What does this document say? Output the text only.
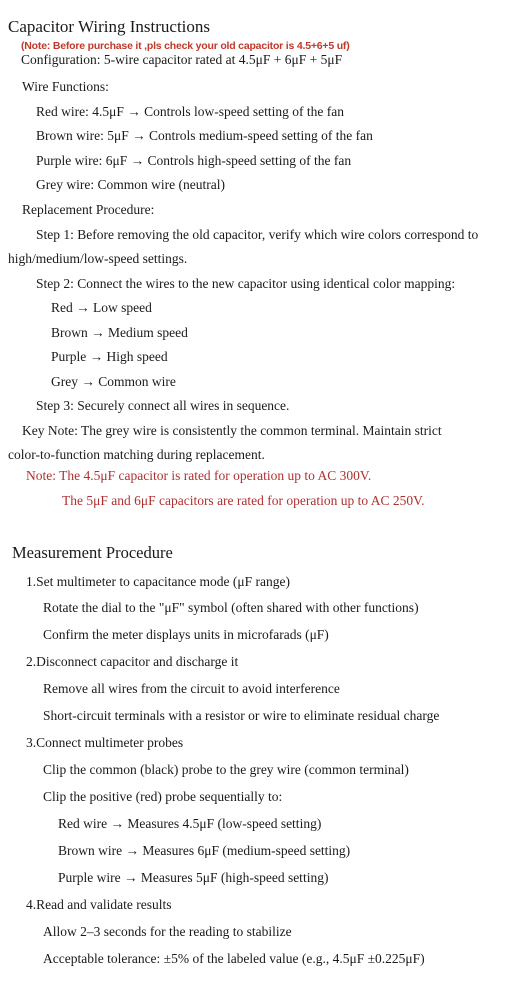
Capacitor Wiring Instructions
(Note: Before purchase it ,pls check your old capacitor is 4.5+6+5 uf)
Configuration: 5-wire capacitor rated at 4.5μF + 6μF + 5μF
Wire Functions:
Red wire: 4.5μF → Controls low-speed setting of the fan
Brown wire: 5μF → Controls medium-speed setting of the fan
Purple wire: 6μF → Controls high-speed setting of the fan
Grey wire: Common wire (neutral)
Replacement Procedure:
Step 1: Before removing the old capacitor, verify which wire colors correspond to
high/medium/low-speed settings.
Step 2: Connect the wires to the new capacitor using identical color mapping:
Red → Low speed
Brown → Medium speed
Purple → High speed
Grey → Common wire
Step 3: Securely connect all wires in sequence.
Key Note: The grey wire is consistently the common terminal. Maintain strict
color-to-function matching during replacement.
Note: The 4.5μF capacitor is rated for operation up to AC 300V.
The 5μF and 6μF capacitors are rated for operation up to AC 250V.
Measurement Procedure
1.Set multimeter to capacitance mode (μF range)
Rotate the dial to the "μF" symbol (often shared with other functions)
Confirm the meter displays units in microfarads (μF)
2.Disconnect capacitor and discharge it
Remove all wires from the circuit to avoid interference
Short-circuit terminals with a resistor or wire to eliminate residual charge
3.Connect multimeter probes
Clip the common (black) probe to the grey wire (common terminal)
Clip the positive (red) probe sequentially to:
Red wire → Measures 4.5μF (low-speed setting)
Brown wire → Measures 6μF (medium-speed setting)
Purple wire → Measures 5μF (high-speed setting)
4.Read and validate results
Allow 2–3 seconds for the reading to stabilize
Acceptable tolerance: ±5% of the labeled value (e.g., 4.5μF ±0.225μF)
